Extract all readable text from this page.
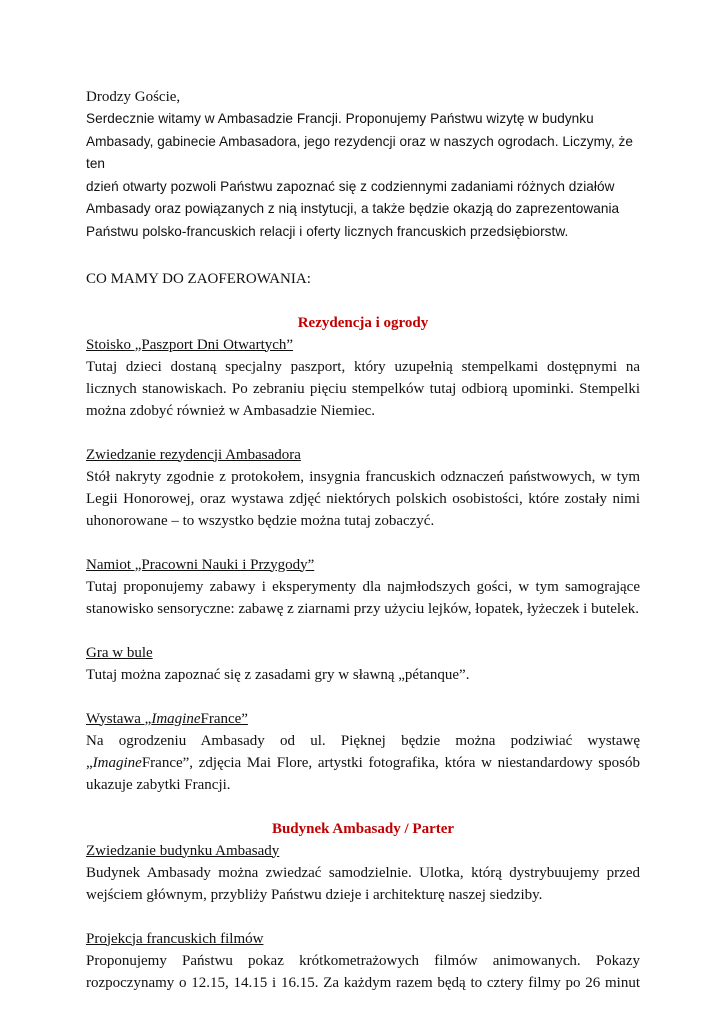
Drodzy Goście,

Serdecznie witamy w Ambasadzie Francji. Proponujemy Państwu wizytę w budynku

Ambasady, gabinecie Ambasadora, jego rezydencji oraz w naszych ogrodach. Liczymy, że ten

dzień otwarty pozwoli Państwu zapoznać się z codziennymi zadaniami różnych działów

Ambasady oraz powiązanych z nią instytucji, a także będzie okazją do zaprezentowania

Państwu polsko-francuskich relacji i oferty licznych francuskich przedsiębiorstw.

CO MAMY DO ZAOFEROWANIA:

Rezydencja i ogrody

Stoisko „Paszport Dni Otwartych”

Tutaj dzieci dostaną specjalny paszport, który uzupełnią stempelkami dostępnymi na licznych stanowiskach. Po zebraniu pięciu stempelków tutaj odbiorą upominki. Stempelki można zdobyć również w Ambasadzie Niemiec.

Zwiedzanie rezydencji Ambasadora

Stół nakryty zgodnie z protokołem, insygnia francuskich odznaczeń państwowych, w tym Legii Honorowej, oraz wystawa zdjęć niektórych polskich osobistości, które zostały nimi uhonorowane – to wszystko będzie można tutaj zobaczyć.

Namiot „Pracowni Nauki i Przygody”

Tutaj proponujemy zabawy i eksperymenty dla najmłodszych gości, w tym samogrające stanowisko sensoryczne: zabawę z ziarnami przy użyciu lejków, łopatek, łyżeczek i butelek.

Gra w bule

Tutaj można zapoznać się z zasadami gry w sławną „pétanque”.

Wystawa „ImagineFrance”

Na ogrodzeniu Ambasady od ul. Pięknej będzie można podziwiać wystawę „ImagineFrance”, zdjęcia Mai Flore, artystki fotografika, która w niestandardowy sposób ukazuje zabytki Francji.

Budynek Ambasady / Parter

Zwiedzanie budynku Ambasady

Budynek Ambasady można zwiedzać samodzielnie. Ulotka, którą dystrybuujemy przed wejściem głównym, przybliży Państwu dzieje i architekturę naszej siedziby.

Projekcja francuskich filmów

Proponujemy Państwu pokaz krótkometrażowych filmów animowanych. Pokazy

rozpoczynamy o 12.15, 14.15 i 16.15. Za każdym razem będą to cztery filmy po 26 minut
